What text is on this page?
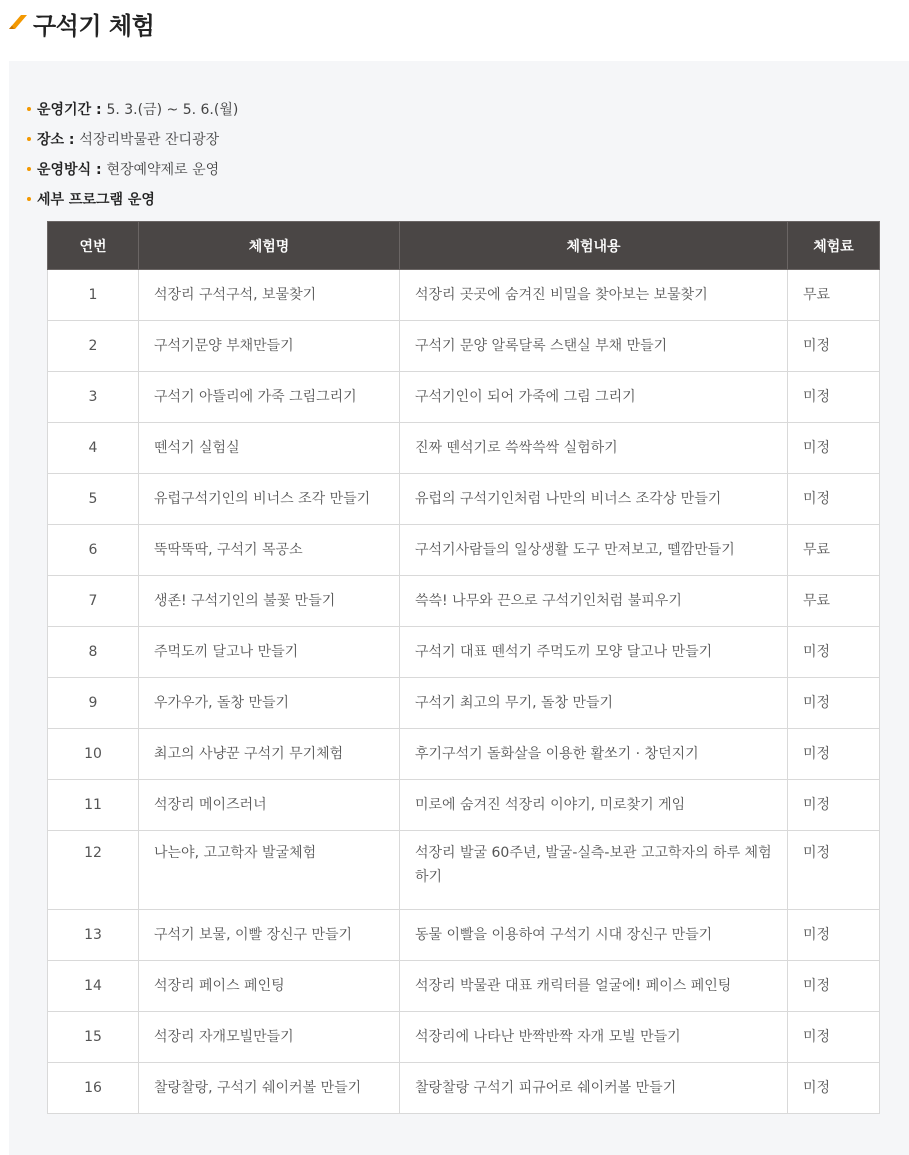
구석기 체험
운영기간 : 5. 3.(금) ~ 5. 6.(월)
장소 : 석장리박물관 잔디광장
운영방식 : 현장예약제로 운영
세부 프로그램 운영
연번	체험명	체험내용	체험료
1	석장리 구석구석, 보물찾기	석장리 곳곳에 숨겨진 비밀을 찾아보는 보물찾기	무료
2	구석기문양 부채만들기	구석기 문양 알록달록 스탠실 부채 만들기	미정
3	구석기 아뜰리에 가죽 그림그리기	구석기인이 되어 가죽에 그림 그리기	미정
4	뗀석기 실험실	진짜 뗀석기로 쓱싹쓱싹 실험하기	미정
5	유럽구석기인의 비너스 조각 만들기	유럽의 구석기인처럼 나만의 비너스 조각상 만들기	미정
6	뚝딱뚝딱, 구석기 목공소	구석기사람들의 일상생활 도구 만져보고, 뗄깜만들기	무료
7	생존! 구석기인의 불꽃 만들기	쓱쓱! 나무와 끈으로 구석기인처럼 불피우기	무료
8	주먹도끼 달고나 만들기	구석기 대표 뗀석기 주먹도끼 모양 달고나 만들기	미정
9	우가우가, 돌창 만들기	구석기 최고의 무기, 돌창 만들기	미정
10	최고의 사냥꾼 구석기 무기체험	후기구석기 돌화살을 이용한 활쏘기 · 창던지기	미정
11	석장리 메이즈러너	미로에 숨겨진 석장리 이야기, 미로찾기 게임	미정
12	나는야, 고고학자 발굴체험	석장리 발굴 60주년, 발굴-실측-보관 고고학자의 하루 체험하기	미정
13	구석기 보물, 이빨 장신구 만들기	동물 이빨을 이용하여 구석기 시대 장신구 만들기	미정
14	석장리 페이스 페인팅	석장리 박물관 대표 캐릭터를 얼굴에! 페이스 페인팅	미정
15	석장리 자개모빌만들기	석장리에 나타난 반짝반짝 자개 모빌 만들기	미정
16	찰랑찰랑, 구석기 쉐이커볼 만들기	찰랑찰랑 구석기 피규어로 쉐이커볼 만들기	미정
